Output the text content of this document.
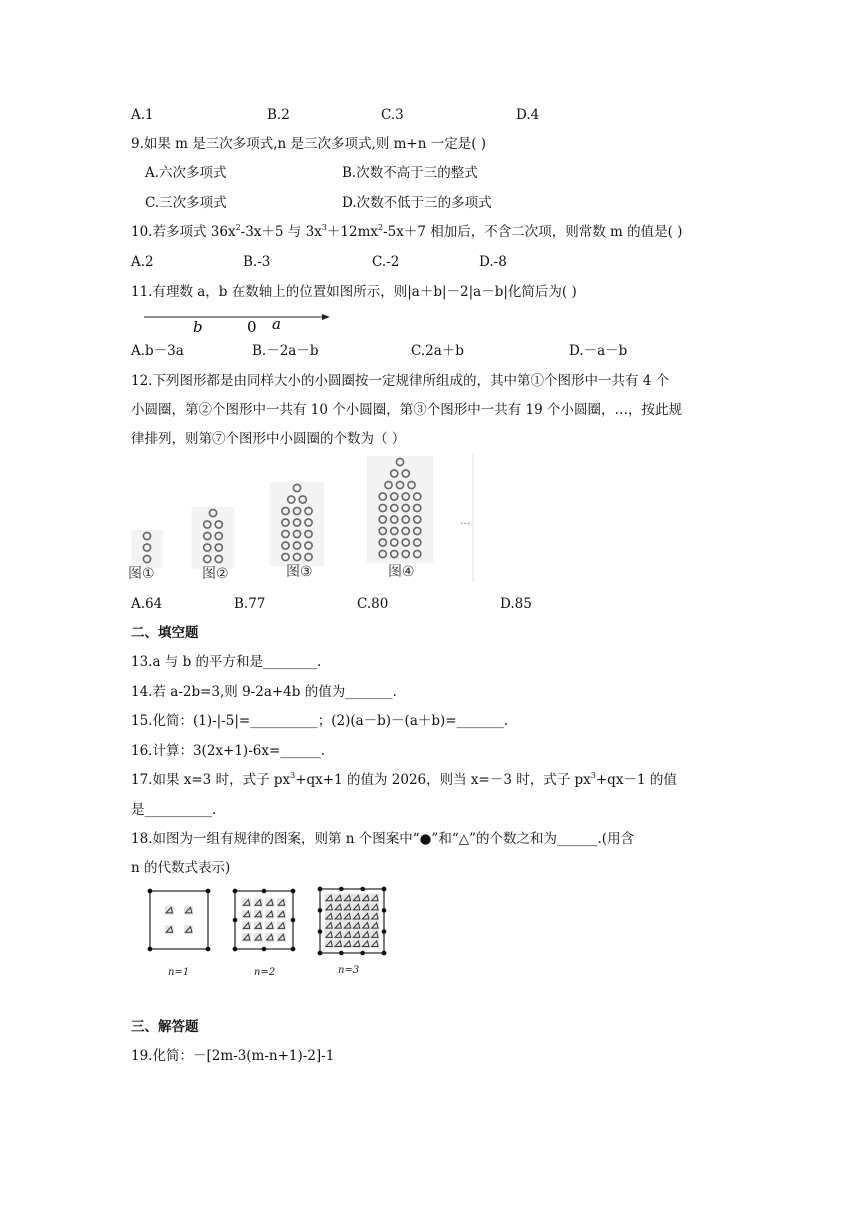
A.1	B.2	C.3	D.4
9.如果 m 是三次多项式,n 是三次多项式,则 m+n 一定是( )
A.六次多项式	B.次数不高于三的整式
C.三次多项式	D.次数不低于三的多项式
10.若多项式 $36x^2-3x+5$ 与 $3x^3+12mx^2-5x+7$ 相加后，不含二次项，则常数 m 的值是( )
A.2	B.-3	C.-2	D.-8
11.有理数 a，b 在数轴上的位置如图所示，则|a＋b|－2|a－b|化简后为( )
b	0 a
A.b－3a	B.－2a－b	C.2a＋b	D.－a－b
12.下列图形都是由同样大小的小圆圈按一定规律所组成的，其中第①个图形中一共有 4 个
小圆圈，第②个图形中一共有 10 个小圆圈，第③个图形中一共有 19 个小圆圈，…，按此规
律排列，则第⑦个图形中小圆圈的个数为（ ）
…
图①	图②	图③	图④
A.64	B.77	C.80	D.85
二、填空题
13.a 与 b 的平方和是________.
14.若 a-2b=3,则 9-2a+4b 的值为_______.
15.化简：(1)-|-5|=__________；(2)(a－b)－(a＋b)=_______.
16.计算：3(2x+1)-6x=______.
17.如果 x=3 时，式子 $px^3+qx+1$ 的值为 2026，则当 x=－3 时，式子 $px^3+qx-1$ 的值
是__________.
18.如图为一组有规律的图案，则第 n 个图案中“●”和“△”的个数之和为______.(用含
n 的代数式表示)
n=1	n=2	n=3
三、解答题
19.化简：－[2m-3(m-n+1)-2]-1
